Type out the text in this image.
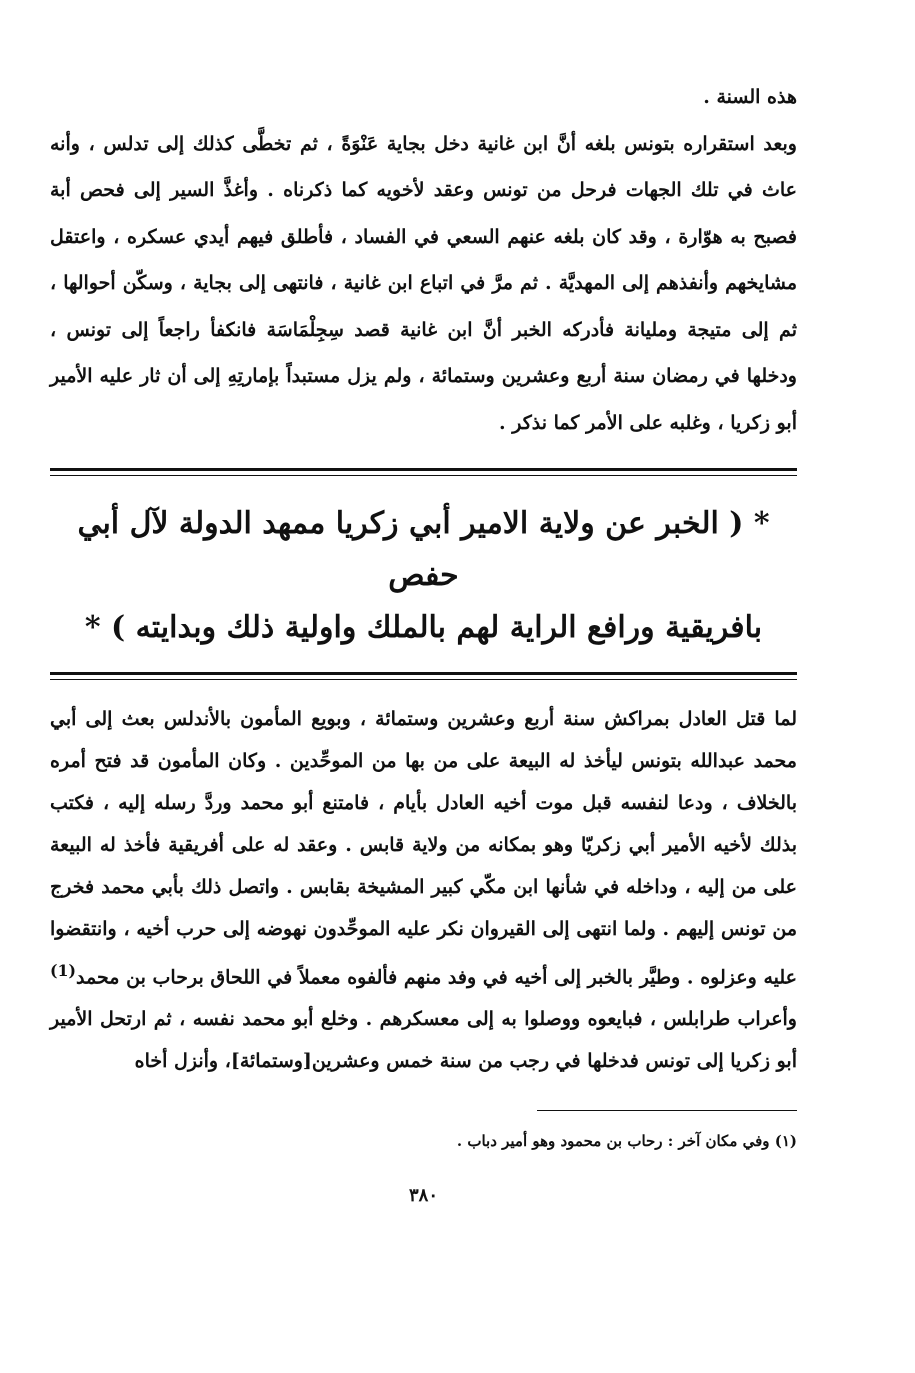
هذه السنة .

وبعد استقراره بتونس بلغه أنَّ ابن غانية دخل بجاية عَنْوَةً ، ثم تخطَّى كذلك إلى تدلس ، وأنه عاث في تلك الجهات فرحل من تونس وعقد لأخويه كما ذكرناه . وأغذَّ السير إلى فحص أبة فصبح به هوّارة ، وقد كان بلغه عنهم السعي في الفساد ، فأطلق فيهم أيدي عسكره ، واعتقل مشايخهم وأنفذهم إلى المهديَّة . ثم مرَّ في اتباع ابن غانية ، فانتهى إلى بجاية ، وسكّن أحوالها ، ثم إلى متيجة ومليانة فأدركه الخبر أنَّ ابن غانية قصد سِجِلْمَاسَة فانكفأ راجعاً إلى تونس ، ودخلها في رمضان سنة أربع وعشرين وستمائة ، ولم يزل مستبداً بإمارتِهِ إلى أن ثار عليه الأمير أبو زكريا ، وغلبه على الأمر كما نذكر .

* ( الخبر عن ولاية الامير أبي زكريا ممهد الدولة لآل أبي
حفص
بافريقية ورافع الراية لهم بالملك واولية ذلك وبدايته ) *

لما قتل العادل بمراكش سنة أربع وعشرين وستمائة ، وبويع المأمون بالأندلس بعث إلى أبي محمد عبدالله بتونس ليأخذ له البيعة على من بها من الموحِّدين . وكان المأمون قد فتح أمره بالخلاف ، ودعا لنفسه قبل موت أخيه العادل بأيام ، فامتنع أبو محمد وردَّ رسله إليه ، فكتب بذلك لأخيه الأمير أبي زكريّا وهو بمكانه من ولاية قابس . وعقد له على أفريقية فأخذ له البيعة على من إليه ، وداخله في شأنها ابن مكّي كبير المشيخة بقابس . واتصل ذلك بأبي محمد فخرج من تونس إليهم . ولما انتهى إلى القيروان نكر عليه الموحِّدون نهوضه إلى حرب أخيه ، وانتقضوا عليه وعزلوه . وطيَّر بالخبر إلى أخيه في وفد منهم فألفوه معملاً في اللحاق برحاب بن محمد$^{(1)}$ وأعراب طرابلس ، فبايعوه ووصلوا به إلى معسكرهم . وخلع أبو محمد نفسه ، ثم ارتحل الأمير أبو زكريا إلى تونس فدخلها في رجب من سنة خمس وعشرين[وستمائة]، وأنزل أخاه

(١) وفي مكان آخر : رحاب بن محمود وهو أمير دباب .

٣٨٠
